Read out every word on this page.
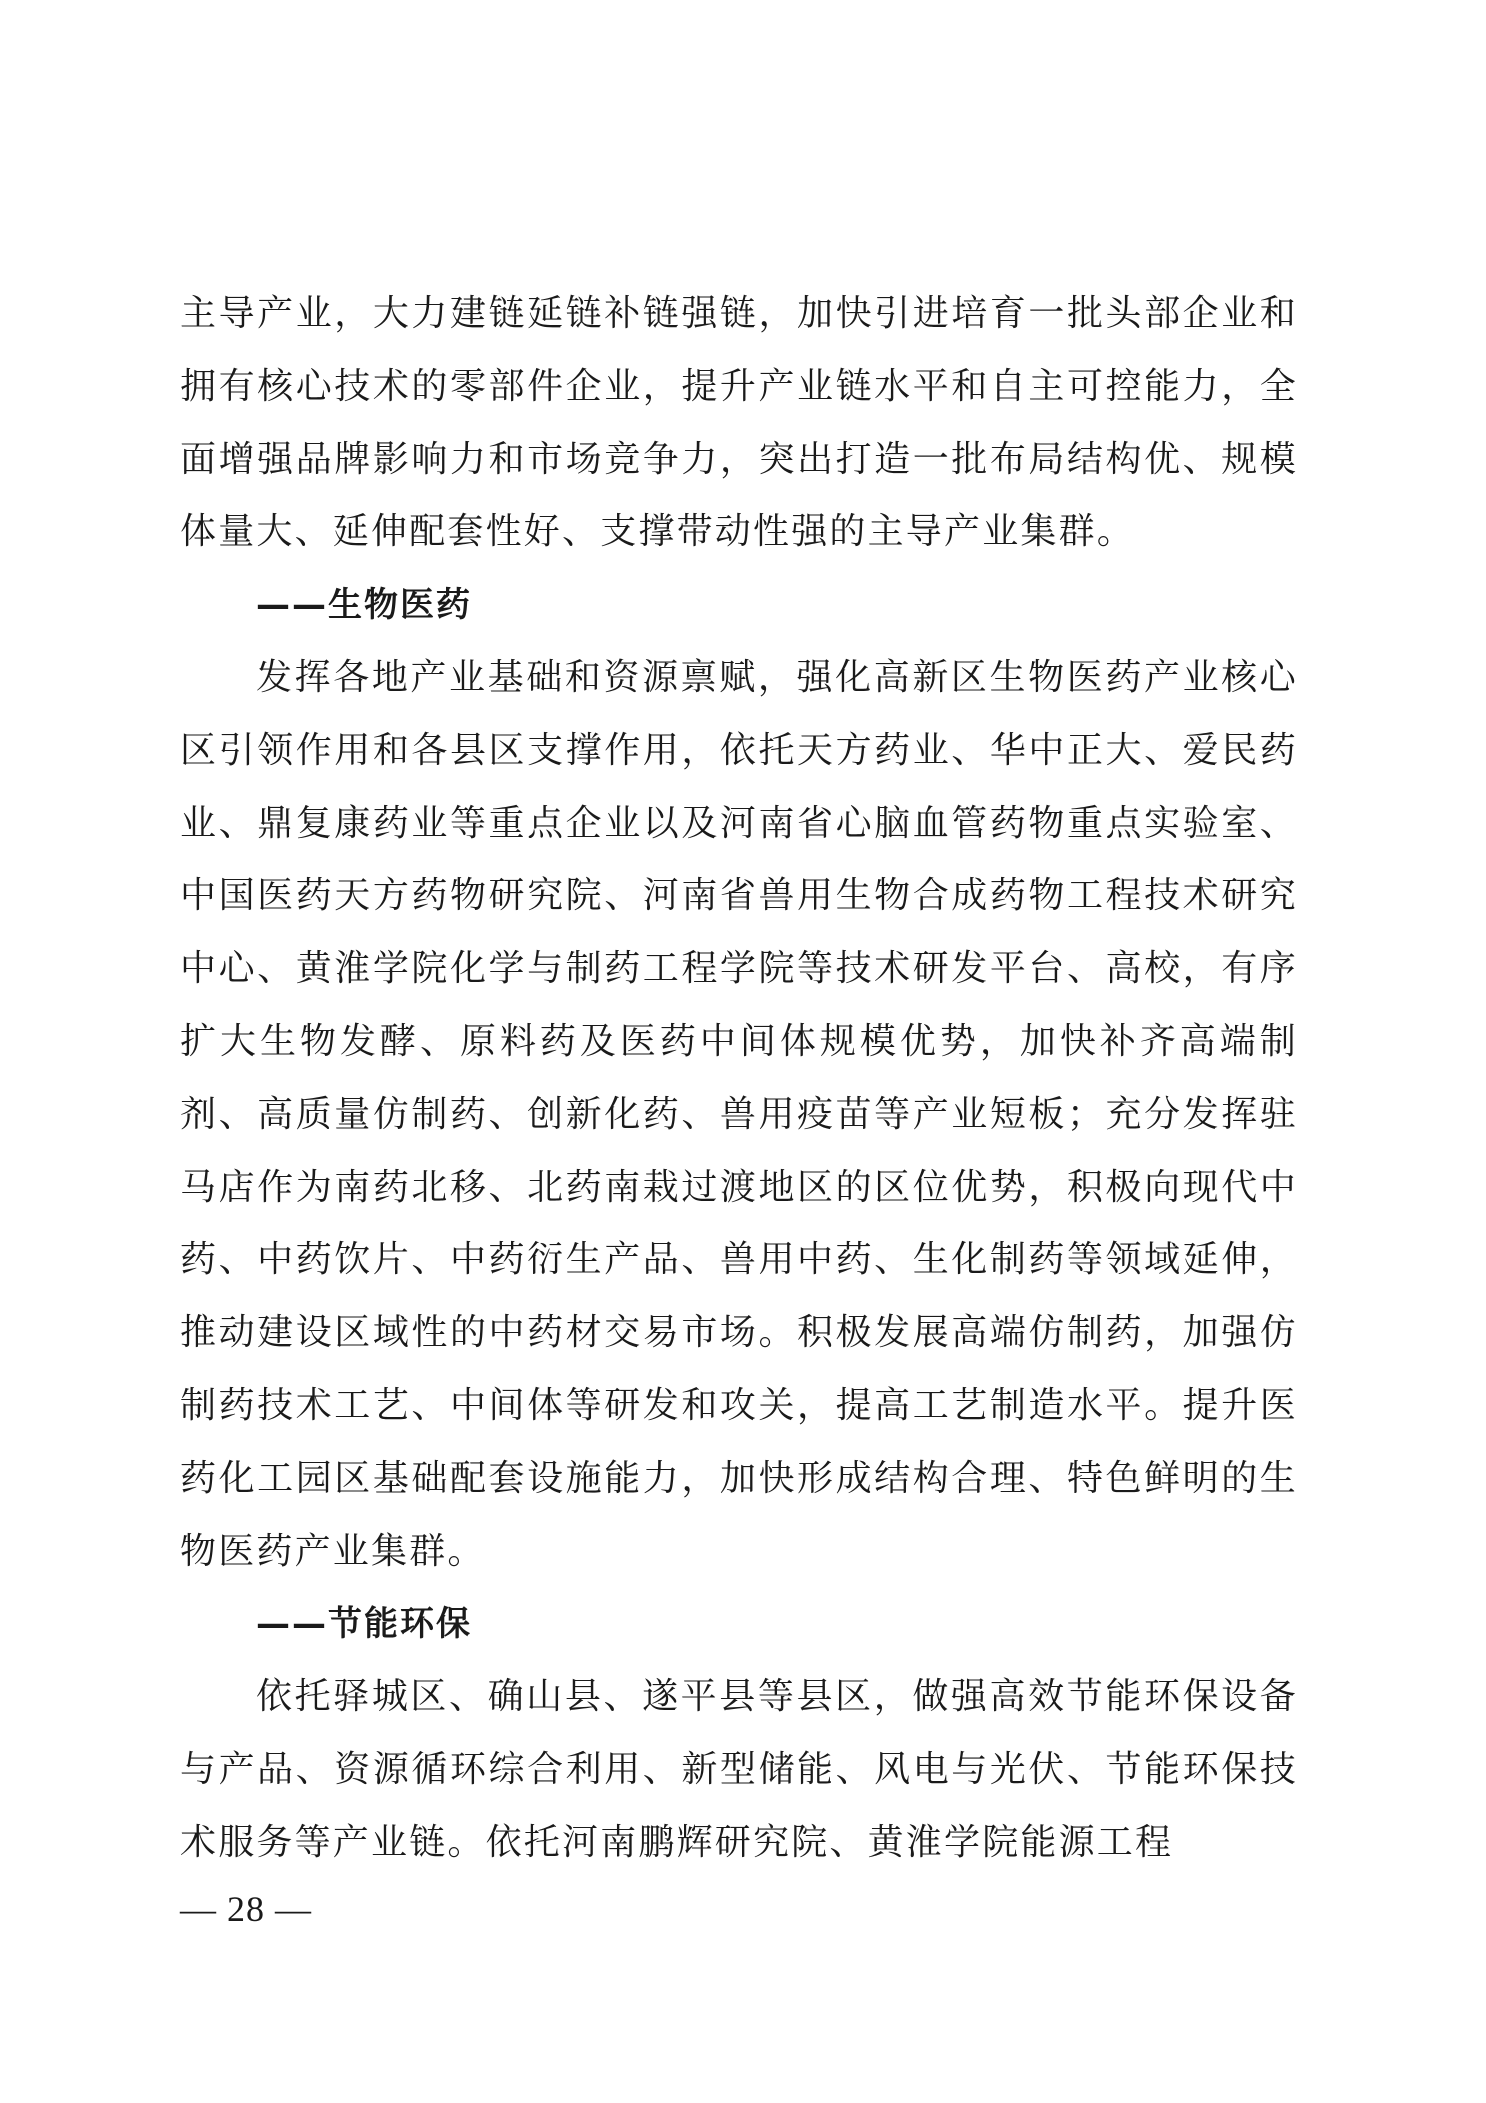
主导产业，大力建链延链补链强链，加快引进培育一批头部企业和拥有核心技术的零部件企业，提升产业链水平和自主可控能力，全面增强品牌影响力和市场竞争力，突出打造一批布局结构优、规模体量大、延伸配套性好、支撑带动性强的主导产业集群。

——生物医药

发挥各地产业基础和资源禀赋，强化高新区生物医药产业核心区引领作用和各县区支撑作用，依托天方药业、华中正大、爱民药业、鼎复康药业等重点企业以及河南省心脑血管药物重点实验室、中国医药天方药物研究院、河南省兽用生物合成药物工程技术研究中心、黄淮学院化学与制药工程学院等技术研发平台、高校，有序扩大生物发酵、原料药及医药中间体规模优势，加快补齐高端制剂、高质量仿制药、创新化药、兽用疫苗等产业短板；充分发挥驻马店作为南药北移、北药南栽过渡地区的区位优势，积极向现代中药、中药饮片、中药衍生产品、兽用中药、生化制药等领域延伸，推动建设区域性的中药材交易市场。积极发展高端仿制药，加强仿制药技术工艺、中间体等研发和攻关，提高工艺制造水平。提升医药化工园区基础配套设施能力，加快形成结构合理、特色鲜明的生物医药产业集群。

——节能环保

依托驿城区、确山县、遂平县等县区，做强高效节能环保设备与产品、资源循环综合利用、新型储能、风电与光伏、节能环保技术服务等产业链。依托河南鹏辉研究院、黄淮学院能源工程

— 28 —
